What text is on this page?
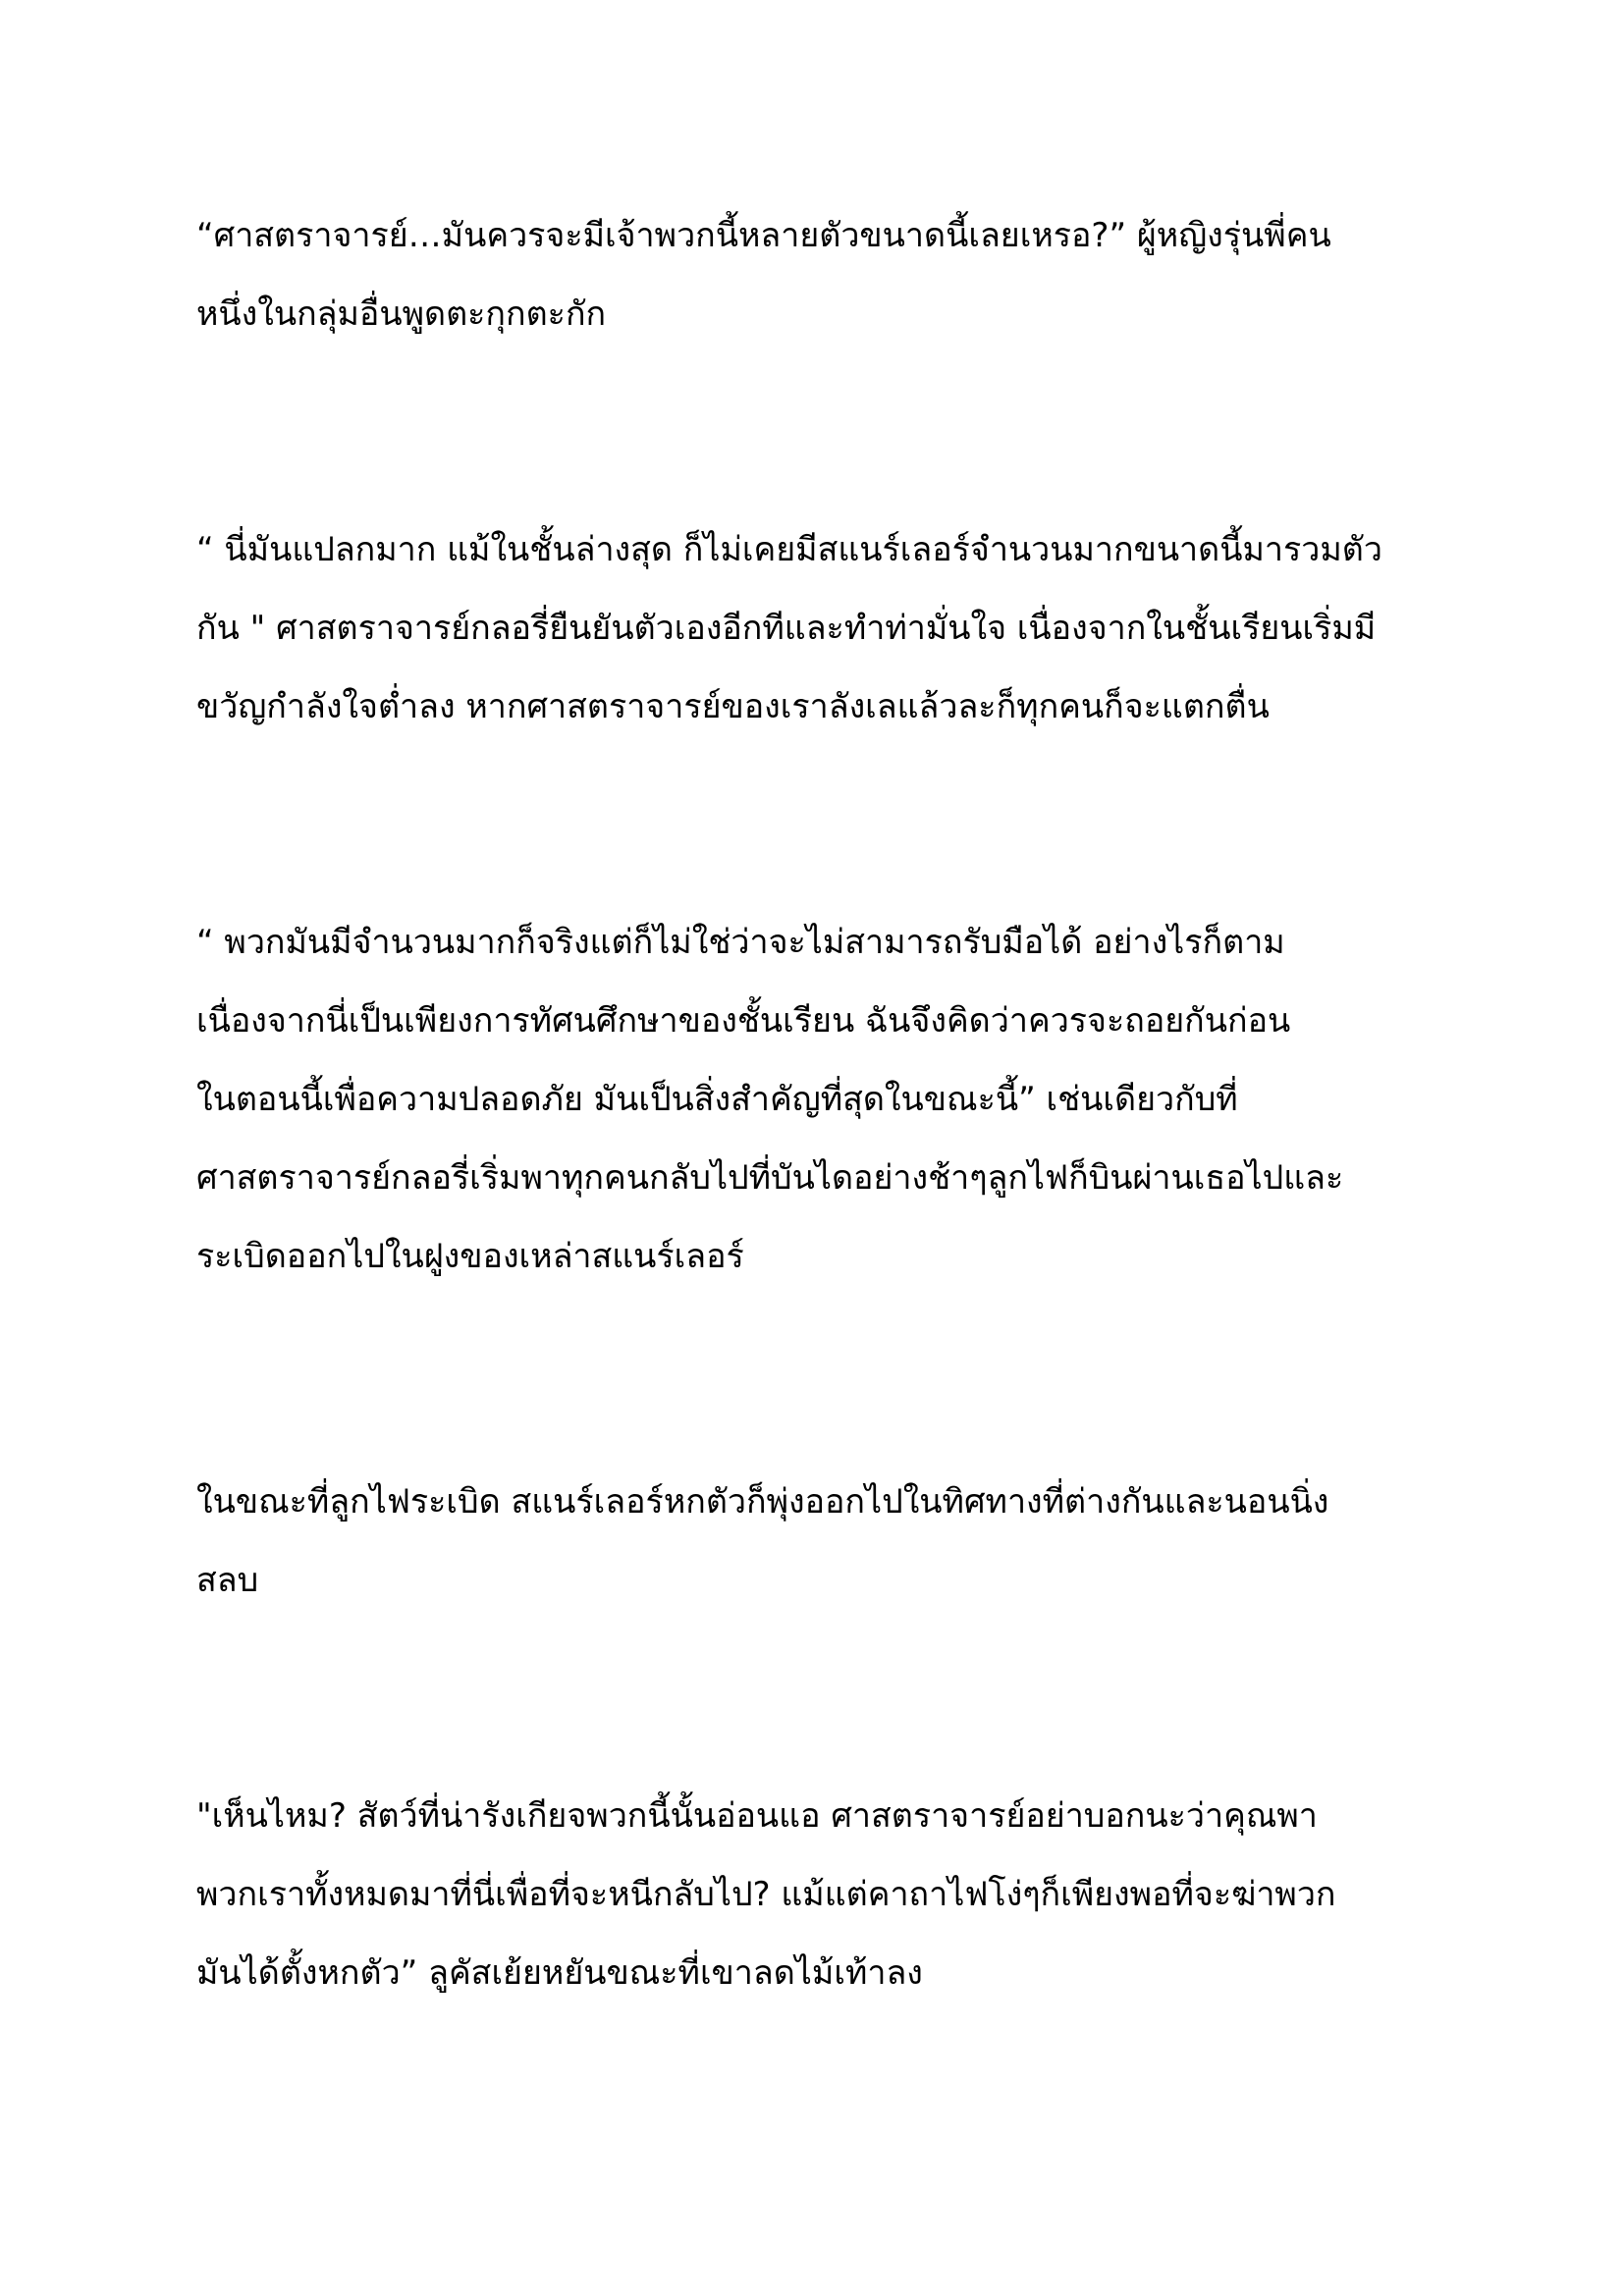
“ศาสตราจารย์…มันควรจะมีเจ้าพวกนี้หลายตัวขนาดนี้เลยเหรอ?” ผู้หญิงรุ่นพี่คน
หนึ่งในกลุ่มอื่นพูดตะกุกตะกัก
“ นี่มันแปลกมาก แม้ในชั้นล่างสุด ก็ไม่เคยมีสแนร์เลอร์จำนวนมากขนาดนี้มารวมตัว
กัน " ศาสตราจารย์กลอรี่ยืนยันตัวเองอีกทีและทำท่ามั่นใจ เนื่องจากในชั้นเรียนเริ่มมี
ขวัญกำลังใจต่ำลง หากศาสตราจารย์ของเราลังเลแล้วละก็ทุกคนก็จะแตกตื่น
“ พวกมันมีจำนวนมากก็จริงแต่ก็ไม่ใช่ว่าจะไม่สามารถรับมือได้ อย่างไรก็ตาม
เนื่องจากนี่เป็นเพียงการทัศนศึกษาของชั้นเรียน ฉันจึงคิดว่าควรจะถอยกันก่อน
ในตอนนี้เพื่อความปลอดภัย มันเป็นสิ่งสำคัญที่สุดในขณะนี้” เช่นเดียวกับที่
ศาสตราจารย์กลอรี่เริ่มพาทุกคนกลับไปที่บันไดอย่างช้าๆลูกไฟก็บินผ่านเธอไปและ
ระเบิดออกไปในฝูงของเหล่าสแนร์เลอร์
ในขณะที่ลูกไฟระเบิด สแนร์เลอร์หกตัวก็พุ่งออกไปในทิศทางที่ต่างกันและนอนนิ่ง
สลบ
"เห็นไหม? สัตว์ที่น่ารังเกียจพวกนี้นั้นอ่อนแอ ศาสตราจารย์อย่าบอกนะว่าคุณพา
พวกเราทั้งหมดมาที่นี่เพื่อที่จะหนีกลับไป? แม้แต่คาถาไฟโง่ๆก็เพียงพอที่จะฆ่าพวก
มันได้ตั้งหกตัว” ลูคัสเย้ยหยันขณะที่เขาลดไม้เท้าลง
